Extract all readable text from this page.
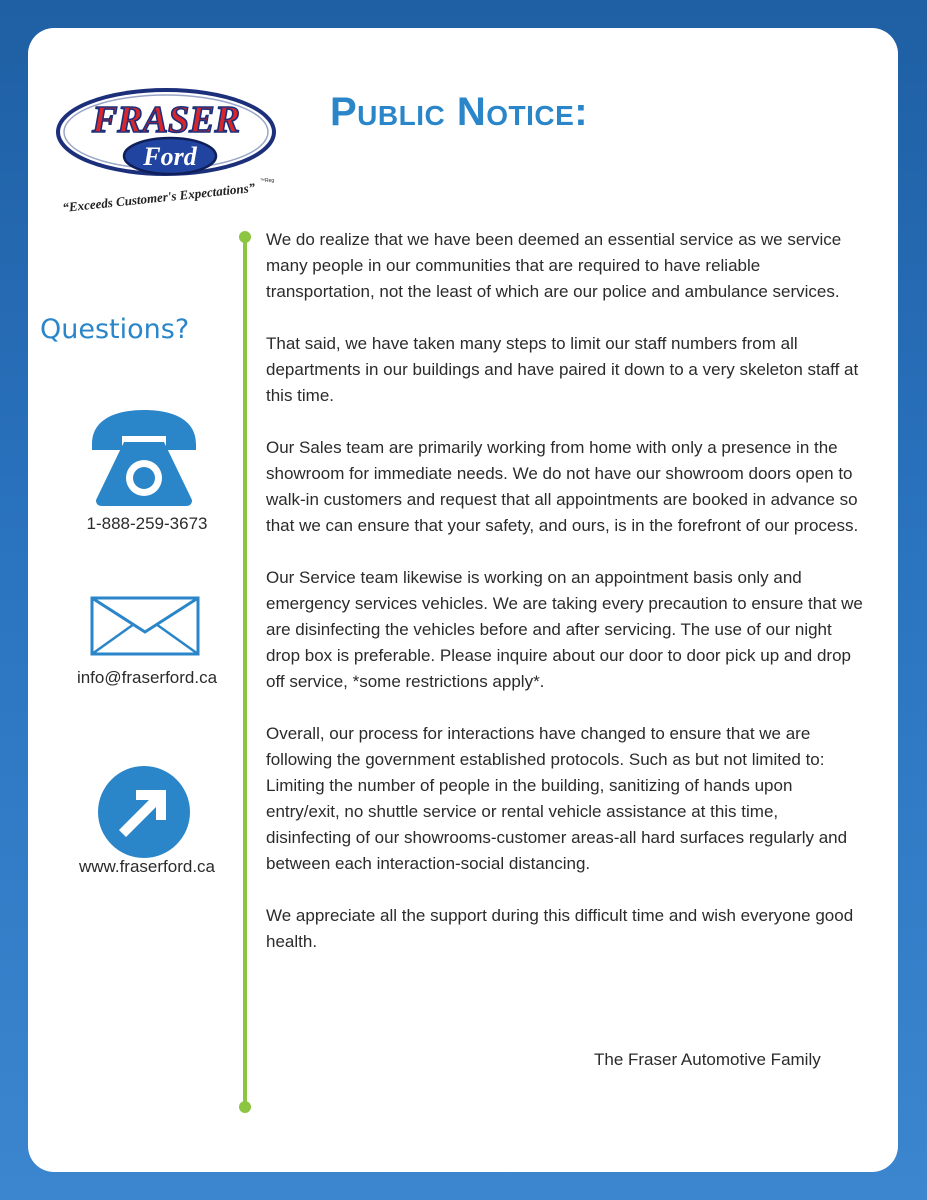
Ford
FRASER
“Exceeds Customer's Expectations” ™Reg
Public Notice:
Questions?
1-888-259-3673
info@fraserford.ca
www.fraserford.ca

We do realize that we have been deemed an essential service as we service many people in our communities that are required to have reliable transportation, not the least of which are our police and ambulance services.

That said, we have taken many steps to limit our staff numbers from all departments in our buildings and have paired it down to a very skeleton staff at this time.

Our Sales team are primarily working from home with only a presence in the showroom for immediate needs. We do not have our showroom doors open to walk-in customers and request that all appointments are booked in advance so that we can ensure that your safety, and ours, is in the forefront of our process.

Our Service team likewise is working on an appointment basis only and emergency services vehicles. We are taking every precaution to ensure that we are disinfecting the vehicles before and after servicing. The use of our night drop box is preferable. Please inquire about our door to door pick up and drop off service, *some restrictions apply*.

Overall, our process for interactions have changed to ensure that we are following the government established protocols. Such as but not limited to: Limiting the number of people in the building, sanitizing of hands upon entry/exit, no shuttle service or rental vehicle assistance at this time, disinfecting of our showrooms-customer areas-all hard surfaces regularly and between each interaction-social distancing.

We appreciate all the support during this difficult time and wish everyone good health.

The Fraser Automotive Family
